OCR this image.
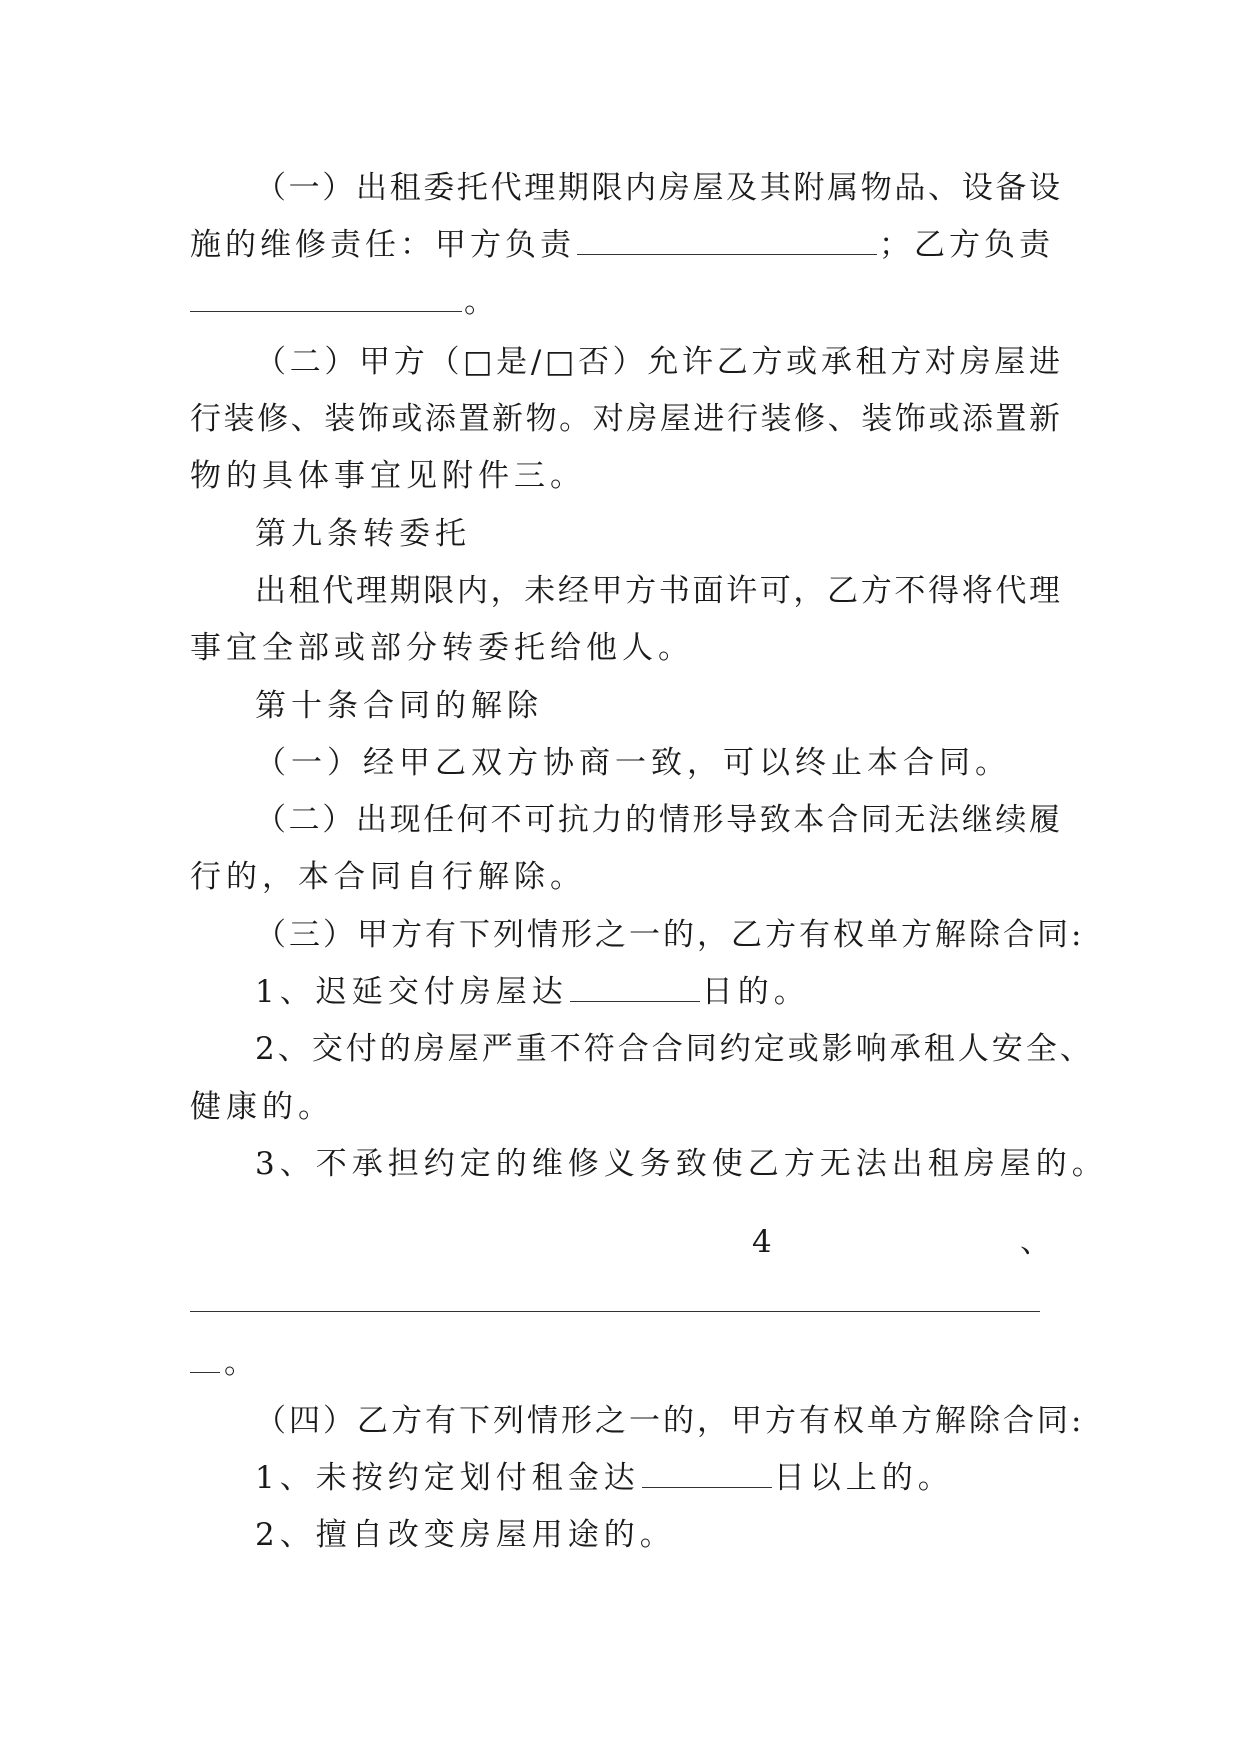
（一）出租委托代理期限内房屋及其附属物品、设备设
施的维修责任：甲方负责	；乙方负责
。
（二）甲方（□是/□否）允许乙方或承租方对房屋进
行装修、装饰或添置新物。对房屋进行装修、装饰或添置新
物的具体事宜见附件三。
第九条转委托
出租代理期限内，未经甲方书面许可，乙方不得将代理
事宜全部或部分转委托给他人。
第十条合同的解除
（一）经甲乙双方协商一致，可以终止本合同。
（二）出现任何不可抗力的情形导致本合同无法继续履
行的，本合同自行解除。
（三）甲方有下列情形之一的，乙方有权单方解除合同:
1、迟延交付房屋达	日的。
2、交付的房屋严重不符合合同约定或影响承租人安全、
健康的。
3、不承担约定的维修义务致使乙方无法出租房屋的。
4	、
。
（四）乙方有下列情形之一的，甲方有权单方解除合同:
1、未按约定划付租金达	日以上的。
2、擅自改变房屋用途的。
